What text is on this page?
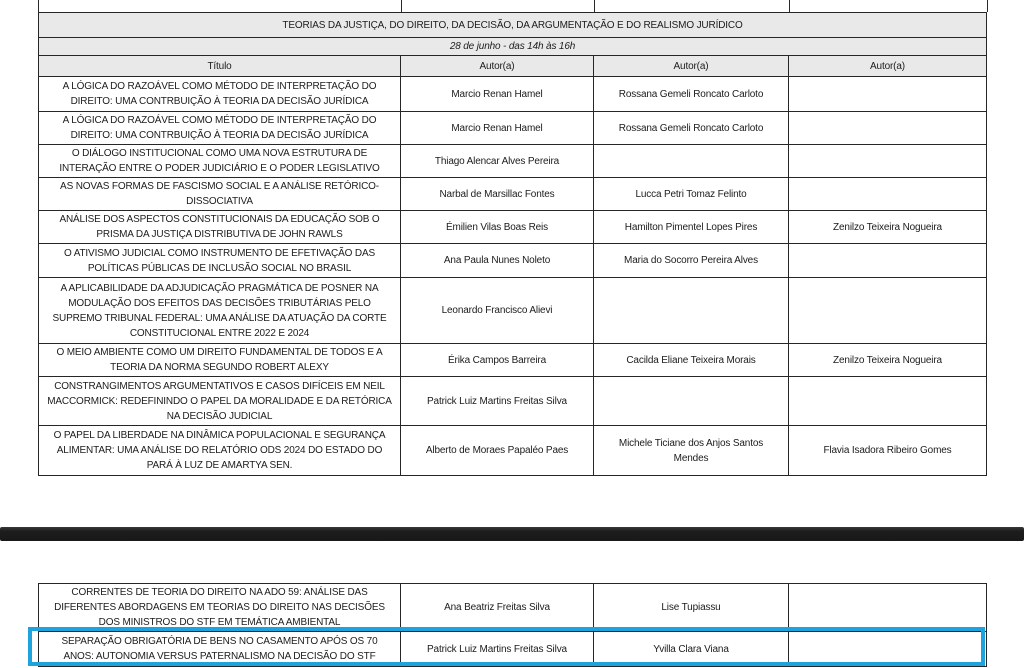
TEORIAS DA JUSTIÇA, DO DIREITO, DA DECISÃO, DA ARGUMENTAÇÃO E DO REALISMO JURÍDICO			
28 de junho - das 14h às 16h			
Título	Autor(a)	Autor(a)	Autor(a)
A LÓGICA DO RAZOÁVEL COMO MÉTODO DE INTERPRETAÇÃO DO DIREITO: UMA CONTRBUIÇÃO À TEORIA DA DECISÃO JURÍDICA	Marcio Renan Hamel	Rossana Gemeli Roncato Carloto	
A LÓGICA DO RAZOÁVEL COMO MÉTODO DE INTERPRETAÇÃO DO DIREITO: UMA CONTRBUIÇÃO À TEORIA DA DECISÃO JURÍDICA	Marcio Renan Hamel	Rossana Gemeli Roncato Carloto	
O DIÁLOGO INSTITUCIONAL COMO UMA NOVA ESTRUTURA DE INTERAÇÃO ENTRE O PODER JUDICIÁRIO E O PODER LEGISLATIVO	Thiago Alencar Alves Pereira		
AS NOVAS FORMAS DE FASCISMO SOCIAL E A ANÁLISE RETÓRICO-DISSOCIATIVA	Narbal de Marsillac Fontes	Lucca Petri Tomaz Felinto	
ANÁLISE DOS ASPECTOS CONSTITUCIONAIS DA EDUCAÇÃO SOB O PRISMA DA JUSTIÇA DISTRIBUTIVA DE JOHN RAWLS	Émilien Vilas Boas Reis	Hamilton Pimentel Lopes Pires	Zenilzo Teixeira Nogueira
O ATIVISMO JUDICIAL COMO INSTRUMENTO DE EFETIVAÇÃO DAS POLÍTICAS PÚBLICAS DE INCLUSÃO SOCIAL NO BRASIL	Ana Paula Nunes Noleto	Maria do Socorro Pereira Alves	
A APLICABILIDADE DA ADJUDICAÇÃO PRAGMÁTICA DE POSNER NA MODULAÇÃO DOS EFEITOS DAS DECISÕES TRIBUTÁRIAS PELO SUPREMO TRIBUNAL FEDERAL: UMA ANÁLISE DA ATUAÇÃO DA CORTE CONSTITUCIONAL ENTRE 2022 E 2024	Leonardo Francisco Alievi		
O MEIO AMBIENTE COMO UM DIREITO FUNDAMENTAL DE TODOS E A TEORIA DA NORMA SEGUNDO ROBERT ALEXY	Érika Campos Barreira	Cacilda Eliane Teixeira Morais	Zenilzo Teixeira Nogueira
CONSTRANGIMENTOS ARGUMENTATIVOS E CASOS DIFÍCEIS EM NEIL MACCORMICK: REDEFININDO O PAPEL DA MORALIDADE E DA RETÓRICA NA DECISÃO JUDICIAL	Patrick Luiz Martins Freitas Silva		
O PAPEL DA LIBERDADE NA DINÂMICA POPULACIONAL E SEGURANÇA ALIMENTAR: UMA ANÁLISE DO RELATÓRIO ODS 2024 DO ESTADO DO PARÁ À LUZ DE AMARTYA SEN.	Alberto de Moraes Papaléo Paes	Michele Ticiane dos Anjos Santos Mendes	Flavia Isadora Ribeiro Gomes
CORRENTES DE TEORIA DO DIREITO NA ADO 59: ANÁLISE DAS DIFERENTES ABORDAGENS EM TEORIAS DO DIREITO NAS DECISÕES DOS MINISTROS DO STF EM TEMÁTICA AMBIENTAL	Ana Beatriz Freitas Silva	Lise Tupiassu	
SEPARAÇÃO OBRIGATÓRIA DE BENS NO CASAMENTO APÓS OS 70 ANOS: AUTONOMIA VERSUS PATERNALISMO NA DECISÃO DO STF	Patrick Luiz Martins Freitas Silva	Yvilla Clara Viana	
